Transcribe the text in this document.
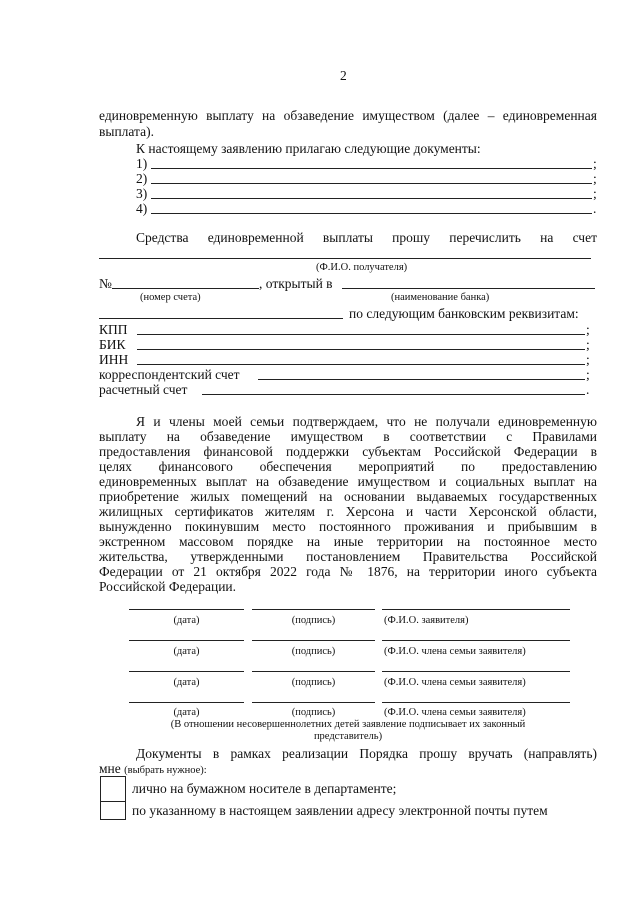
2
единовременную выплату на обзаведение имуществом (далее – единовременная
выплата).
К настоящему заявлению прилагаю следующие документы:
1)	;
2)	;
3)	;
4)	.
Средства единовременной выплаты прошу перечислить на счет
(Ф.И.О. получателя)
№	, открытый в
(номер счета)	(наименование банка)
по следующим банковским реквизитам:
КПП	;
БИК	;
ИНН	;
корреспондентский счет	;
расчетный счет	.
Я и члены моей семьи подтверждаем, что не получали единовременную
выплату на обзаведение имуществом в соответствии с Правилами
предоставления финансовой поддержки субъектам Российской Федерации в
целях финансового обеспечения мероприятий по предоставлению
единовременных выплат на обзаведение имуществом и социальных выплат на
приобретение жилых помещений на основании выдаваемых государственных
жилищных сертификатов жителям г. Херсона и части Херсонской области,
вынужденно покинувшим место постоянного проживания и прибывшим в
экстренном массовом порядке на иные территории на постоянное место
жительства, утвержденными постановлением Правительства Российской
Федерации от 21 октября 2022 года № 1876, на территории иного субъекта
Российской Федерации.
(дата)	(подпись)	(Ф.И.О. заявителя)
(дата)	(подпись)	(Ф.И.О. члена семьи заявителя)
(дата)	(подпись)	(Ф.И.О. члена семьи заявителя)
(дата)	(подпись)	(Ф.И.О. члена семьи заявителя)
(В отношении несовершеннолетних детей заявление подписывает их законный
представитель)
Документы в рамках реализации Порядка прошу вручать (направлять)
мне (выбрать нужное):
лично на бумажном носителе в департаменте;
по указанному в настоящем заявлении адресу электронной почты путем
